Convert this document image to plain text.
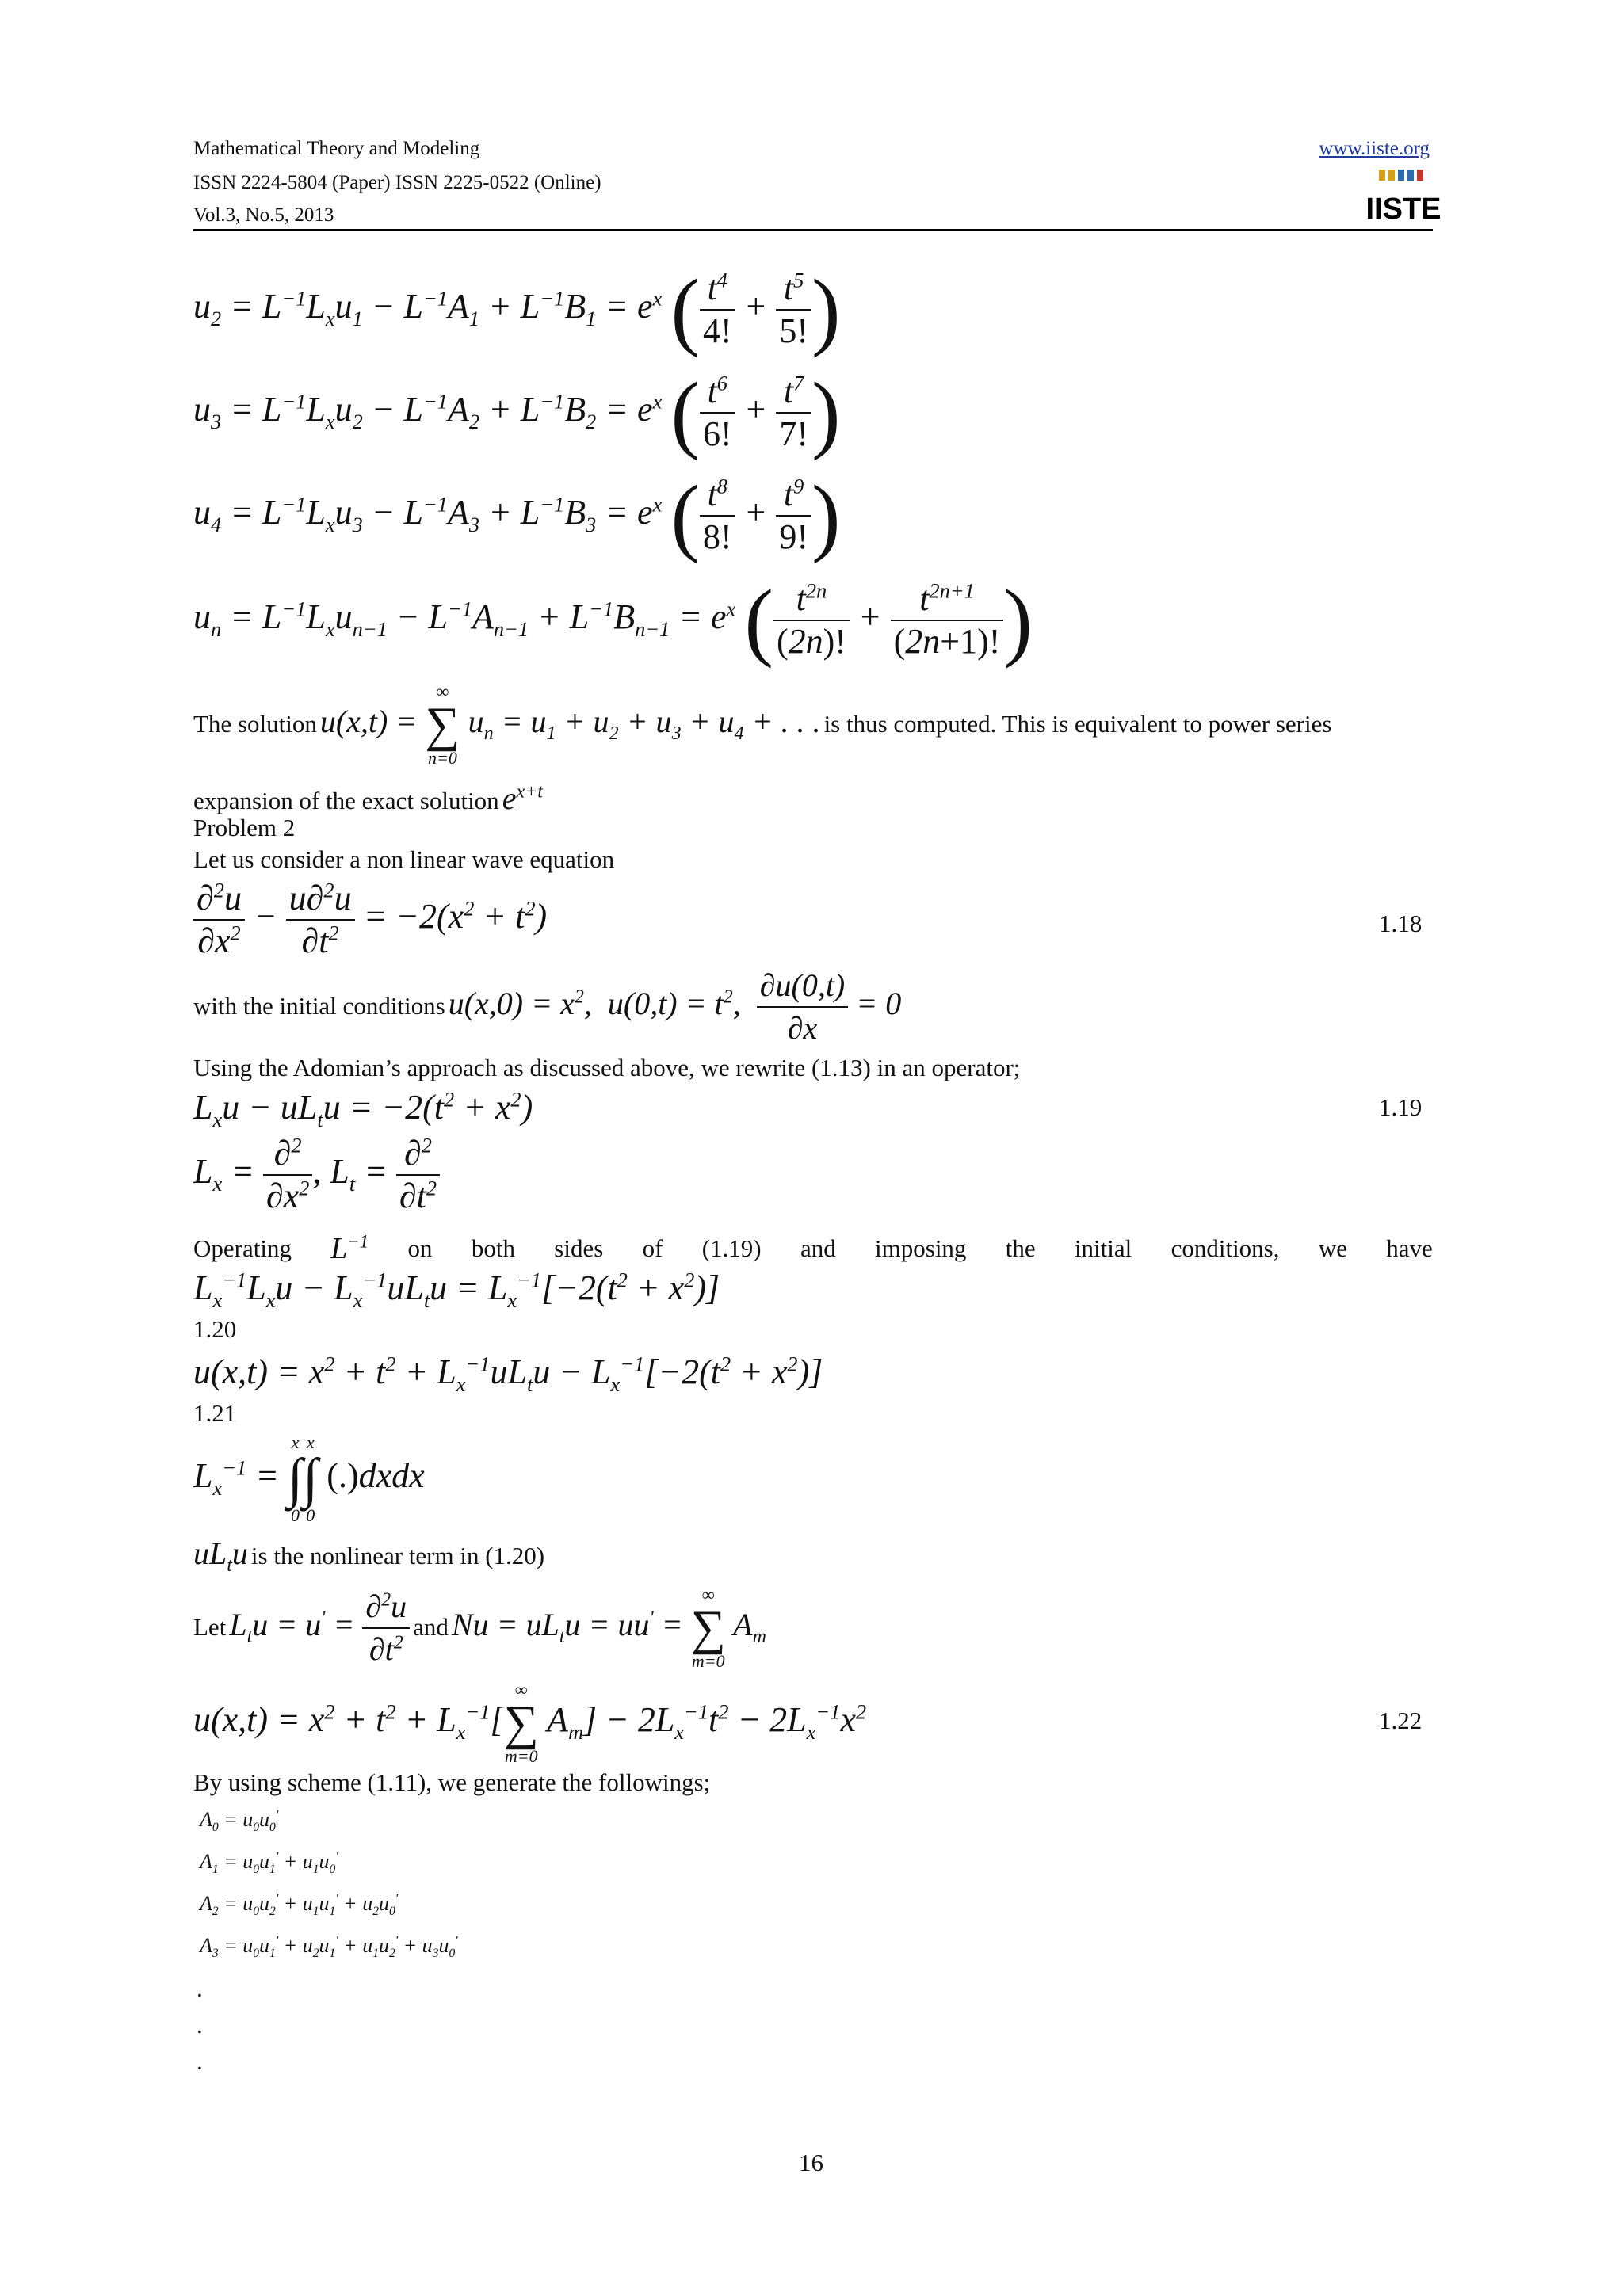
Mathematical Theory and Modeling
ISSN 2224-5804 (Paper) ISSN 2225-0522 (Online)
Vol.3, No.5, 2013
www.iiste.org
IISTE
$u_2 = L^{-1}L_xu_1 - L^{-1}A_1 + L^{-1}B_1 = e^x$ ( $\frac{t^4}{4!} + \frac{t^5}{5!}$ )
$u_3 = L^{-1}L_xu_2 - L^{-1}A_2 + L^{-1}B_2 = e^x$ ( $\frac{t^6}{6!} + \frac{t^7}{7!}$ )
$u_4 = L^{-1}L_xu_3 - L^{-1}A_3 + L^{-1}B_3 = e^x$ ( $\frac{t^8}{8!} + \frac{t^9}{9!}$ )
$u_n = L^{-1}L_xu_{n-1} - L^{-1}A_{n-1} + L^{-1}B_{n-1} = e^x$ ( $\frac{t^{2n}}{(2n)!} + \frac{t^{2n+1}}{(2n+1)!}$ )
The solution u(x,t) =
∞
∑
n=0
$u_n = u_1 + u_2 + u_3 + u_4$ + . . . is thus computed. This is equivalent to power series
expansion of the exact solution $e^{x+t}$
Problem 2
Let us consider a non linear wave equation
$\frac{\partial^2u}{\partial x^2} - \frac{u\partial^2u}{\partial t^2} = -2(x^2 + t^2)$	1.18
with the initial conditions $u(x,0) = x^2$,  $u(0,t) = t^2$, $\frac{\partial u(0,t)}{\partial x} = 0$
Using the Adomian’s approach as discussed above, we rewrite (1.13) in an operator;
$L_xu - uL_tu = -2(t^2 + x^2)$	1.19
$L_x = \frac{\partial^2}{\partial x^2}$ , $L_t = \frac{\partial^2}{\partial t^2}$
Operating $L^{-1}$ on both sides of (1.19) and imposing the initial conditions, we have
$L_x^{-1}L_xu - L_x^{-1}uL_tu = L_x^{-1}[-2(t^2 + x^2)]$
1.20
$u(x,t) = x^2 + t^2 + L_x^{-1}uL_tu - L_x^{-1}[-2(t^2 + x^2)]$
1.21
$L_x^{-1}$ =
x
∫
0
x
∫
0
(.)dxdx
$uL_tu$ is the nonlinear term in (1.20)
Let $L_tu = u' = \frac{\partial^2u}{\partial t^2}$ and $Nu = uL_tu = uu'$ =
∞
∑
m=0
$A_m$
$u(x,t) = x^2 + t^2 + L_x^{-1}$[
∞
∑
m=0
$A_m] - 2L_x^{-1}t^2 - 2L_x^{-1}x^2$	1.22
By using scheme (1.11), we generate the followings;
$A_0 = u_0u_0'$
$A_1 = u_0u_1' + u_1u_0'$
$A_2 = u_0u_2' + u_1u_1' + u_2u_0'$
$A_3 = u_0u_1' + u_2u_1' + u_1u_2' + u_3u_0'$
.
.
.
16
